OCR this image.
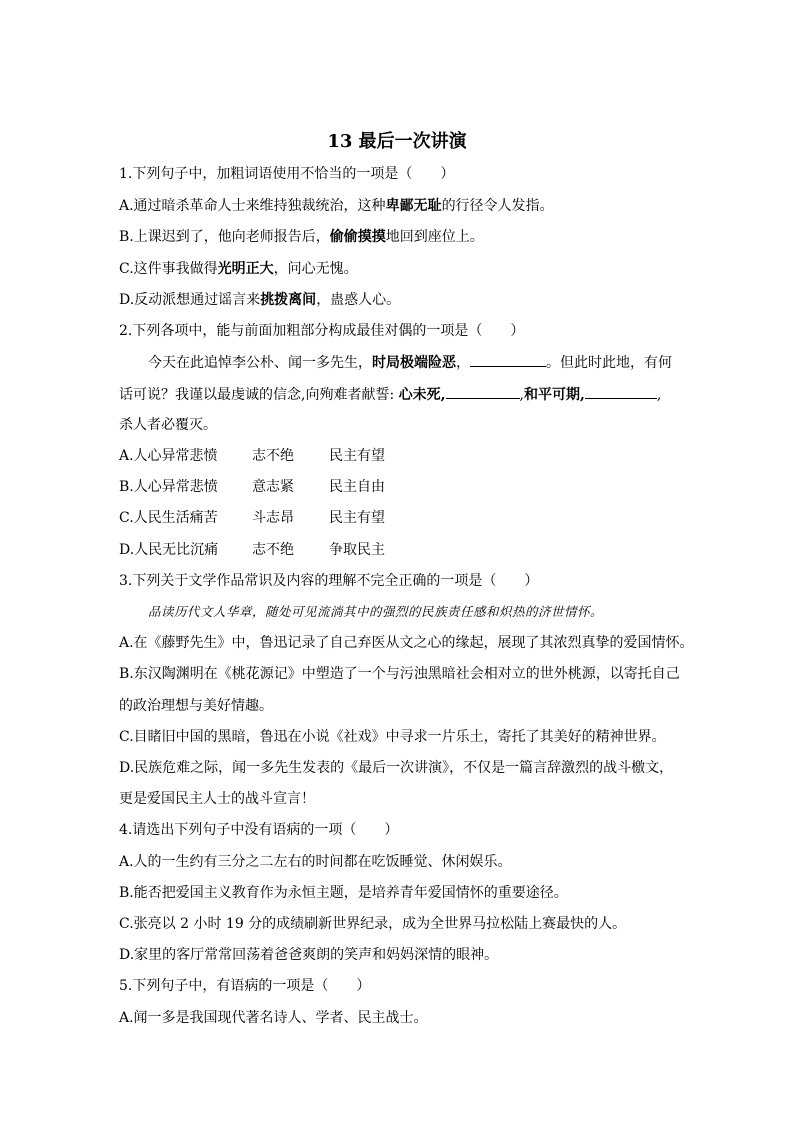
13 最后一次讲演
1.下列句子中，加粗词语使用不恰当的一项是（　　）
A.通过暗杀革命人士来维持独裁统治，这种卑鄙无耻的行径令人发指。
B.上课迟到了，他向老师报告后，偷偷摸摸地回到座位上。
C.这件事我做得光明正大，问心无愧。
D.反动派想通过谣言来挑拨离间，蛊惑人心。
2.下列各项中，能与前面加粗部分构成最佳对偶的一项是（　　）
今天在此追悼李公朴、闻一多先生，时局极端险恶，	。但此时此地，有何
话可说？我谨以最虔诚的信念,向殉难者献誓: 心未死,	,和平可期,	,
杀人者必覆灭。
A.人心异常悲愤 志不绝	民主有望
B.人心异常悲愤 意志紧	民主自由
C.人民生活痛苦 斗志昂	民主有望
D.人民无比沉痛 志不绝	争取民主
3.下列关于文学作品常识及内容的理解不完全正确的一项是（　　）
品读历代文人华章，随处可见流淌其中的强烈的民族责任感和炽热的济世情怀。
A.在《藤野先生》中，鲁迅记录了自己弃医从文之心的缘起，展现了其浓烈真挚的爱国情怀。
B.东汉陶渊明在《桃花源记》中塑造了一个与污浊黑暗社会相对立的世外桃源，以寄托自己
的政治理想与美好情趣。
C.目睹旧中国的黑暗，鲁迅在小说《社戏》中寻求一片乐土，寄托了其美好的精神世界。
D.民族危难之际，闻一多先生发表的《最后一次讲演》，不仅是一篇言辞激烈的战斗檄文，
更是爱国民主人士的战斗宣言！
4.请选出下列句子中没有语病的一项（　　）
A.人的一生约有三分之二左右的时间都在吃饭睡觉、休闲娱乐。
B.能否把爱国主义教育作为永恒主题，是培养青年爱国情怀的重要途径。
C.张亮以 2 小时 19 分的成绩刷新世界纪录，成为全世界马拉松陆上赛最快的人。
D.家里的客厅常常回荡着爸爸爽朗的笑声和妈妈深情的眼神。
5.下列句子中，有语病的一项是（　　）
A.闻一多是我国现代著名诗人、学者、民主战士。
